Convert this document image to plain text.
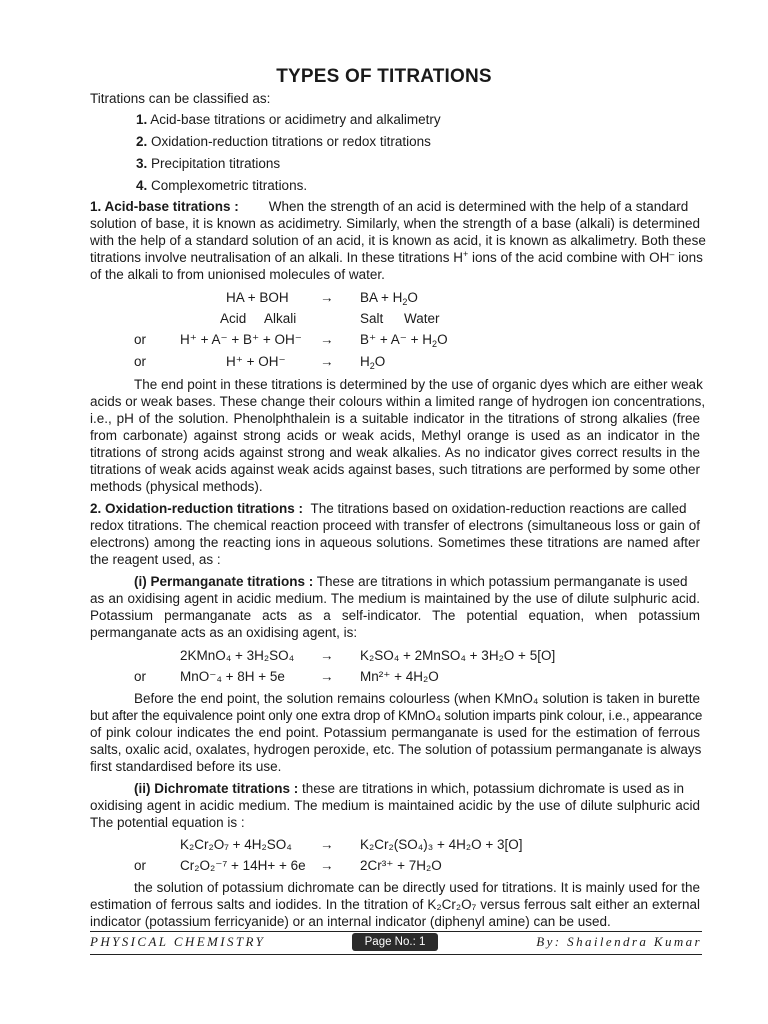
TYPES OF TITRATIONS
Titrations can be classified as:
1. Acid-base titrations or acidimetry and alkalimetry
2. Oxidation-reduction titrations or redox titrations
3. Precipitation titrations
4. Complexometric titrations.
1. Acid-base titrations : When the strength of an acid is determined with the help of a standard
solution of base, it is known as acidimetry. Similarly, when the strength of a base (alkali) is determined
with the help of a standard solution of an acid, it is known as acid, it is known as alkalimetry. Both these
titrations involve neutralisation of an alkali. In these titrations H+ ions of the acid combine with OH– ions
of the alkali to from unionised molecules of water.
HA + BOH → BA + $H_2O$
Acid Alkali	Salt Water
or	$H^+ + A^- + B^+ + OH^- \to B^+ + A^- + H_2O$
or	H⁺ + OH⁻	→ $H_2O$
The end point in these titrations is determined by the use of organic dyes which are either weak
acids or weak bases. These change their colours within a limited range of hydrogen ion concentrations,
i.e., pH of the solution. Phenolphthalein is a suitable indicator in the titrations of strong alkalies (free
from carbonate) against strong acids or weak acids, Methyl orange is used as an indicator in the
titrations of strong acids against strong and weak alkalies. As no indicator gives correct results in the
titrations of weak acids against weak acids against bases, such titrations are performed by some other
methods (physical methods).
2. Oxidation-reduction titrations : The titrations based on oxidation-reduction reactions are called
redox titrations. The chemical reaction proceed with transfer of electrons (simultaneous loss or gain of
electrons) among the reacting ions in aqueous solutions. Sometimes these titrations are named after
the reagent used, as :
(i) Permanganate titrations : These are titrations in which potassium permanganate is used
as an oxidising agent in acidic medium. The medium is maintained by the use of dilute sulphuric acid.
Potassium permanganate acts as a self-indicator. The potential equation, when potassium
permanganate acts as an oxidising agent, is:
2KMnO₄ + 3H₂SO₄ → K₂SO₄ + 2MnSO₄ + 3H₂O + 5[O]
or	MnO⁻₄ + 8H + 5e	→ Mn²⁺ + 4H₂O
Before the end point, the solution remains colourless (when KMnO₄ solution is taken in burette
but after the equivalence point only one extra drop of KMnO₄ solution imparts pink colour, i.e., appearance
of pink colour indicates the end point. Potassium permanganate is used for the estimation of ferrous
salts, oxalic acid, oxalates, hydrogen peroxide, etc. The solution of potassium permanganate is always
first standardised before its use.
(ii) Dichromate titrations : these are titrations in which, potassium dichromate is used as in
oxidising agent in acidic medium. The medium is maintained acidic by the use of dilute sulphuric acid
The potential equation is :
K₂Cr₂O₇ + 4H₂SO₄ → K₂Cr₂(SO₄)₃ + 4H₂O + 3[O]
or	Cr₂O₂⁻⁷ + 14H+ + 6e → 2Cr³⁺ + 7H₂O
the solution of potassium dichromate can be directly used for titrations. It is mainly used for the
estimation of ferrous salts and iodides. In the titration of K₂Cr₂O₇ versus ferrous salt either an external
indicator (potassium ferricyanide) or an internal indicator (diphenyl amine) can be used.
PHYSICAL CHEMISTRY	Page No.: 1	By: Shailendra Kumar
